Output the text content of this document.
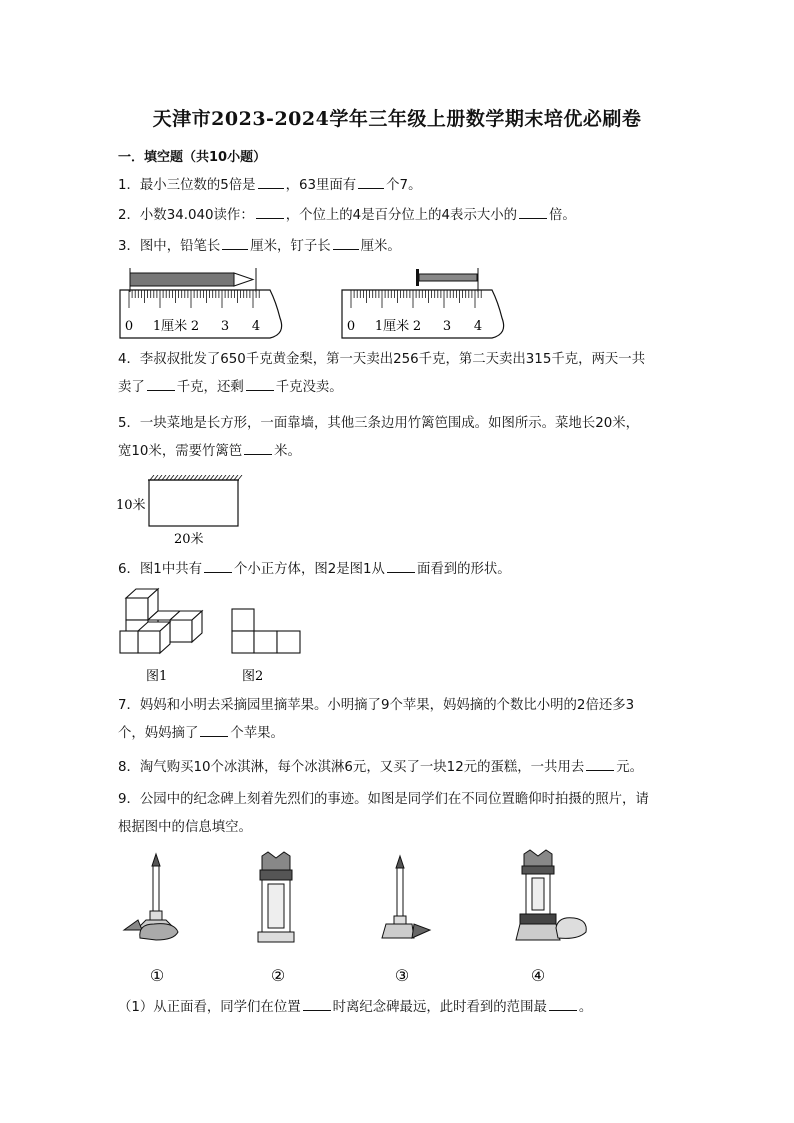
天津市2023-2024学年三年级上册数学期末培优必刷卷
一．填空题（共10小题）
1．最小三位数的5倍是 ，63里面有 个7。
2．小数34.040读作： ，个位上的4是百分位上的4表示大小的 倍。
3．图中，铅笔长 厘米，钉子长 厘米。
0 1厘米 2 3 4	0 1厘米 2 3 4
4．李叔叔批发了650千克黄金梨，第一天卖出256千克，第二天卖出315千克，两天一共
卖了 千克，还剩 千克没卖。
5．一块菜地是长方形，一面靠墙，其他三条边用竹篱笆围成。如图所示。菜地长20米，
宽10米，需要竹篱笆 米。
10米
20米
6．图1中共有 个小正方体，图2是图1从 面看到的形状。
图1	图2
7．妈妈和小明去采摘园里摘苹果。小明摘了9个苹果，妈妈摘的个数比小明的2倍还多3
个，妈妈摘了 个苹果。
8．淘气购买10个冰淇淋，每个冰淇淋6元，又买了一块12元的蛋糕，一共用去 元。
9．公园中的纪念碑上刻着先烈们的事迹。如图是同学们在不同位置瞻仰时拍摄的照片，请
根据图中的信息填空。
①	②	③	④
（1）从正面看，同学们在位置 时离纪念碑最远，此时看到的范围最 。
